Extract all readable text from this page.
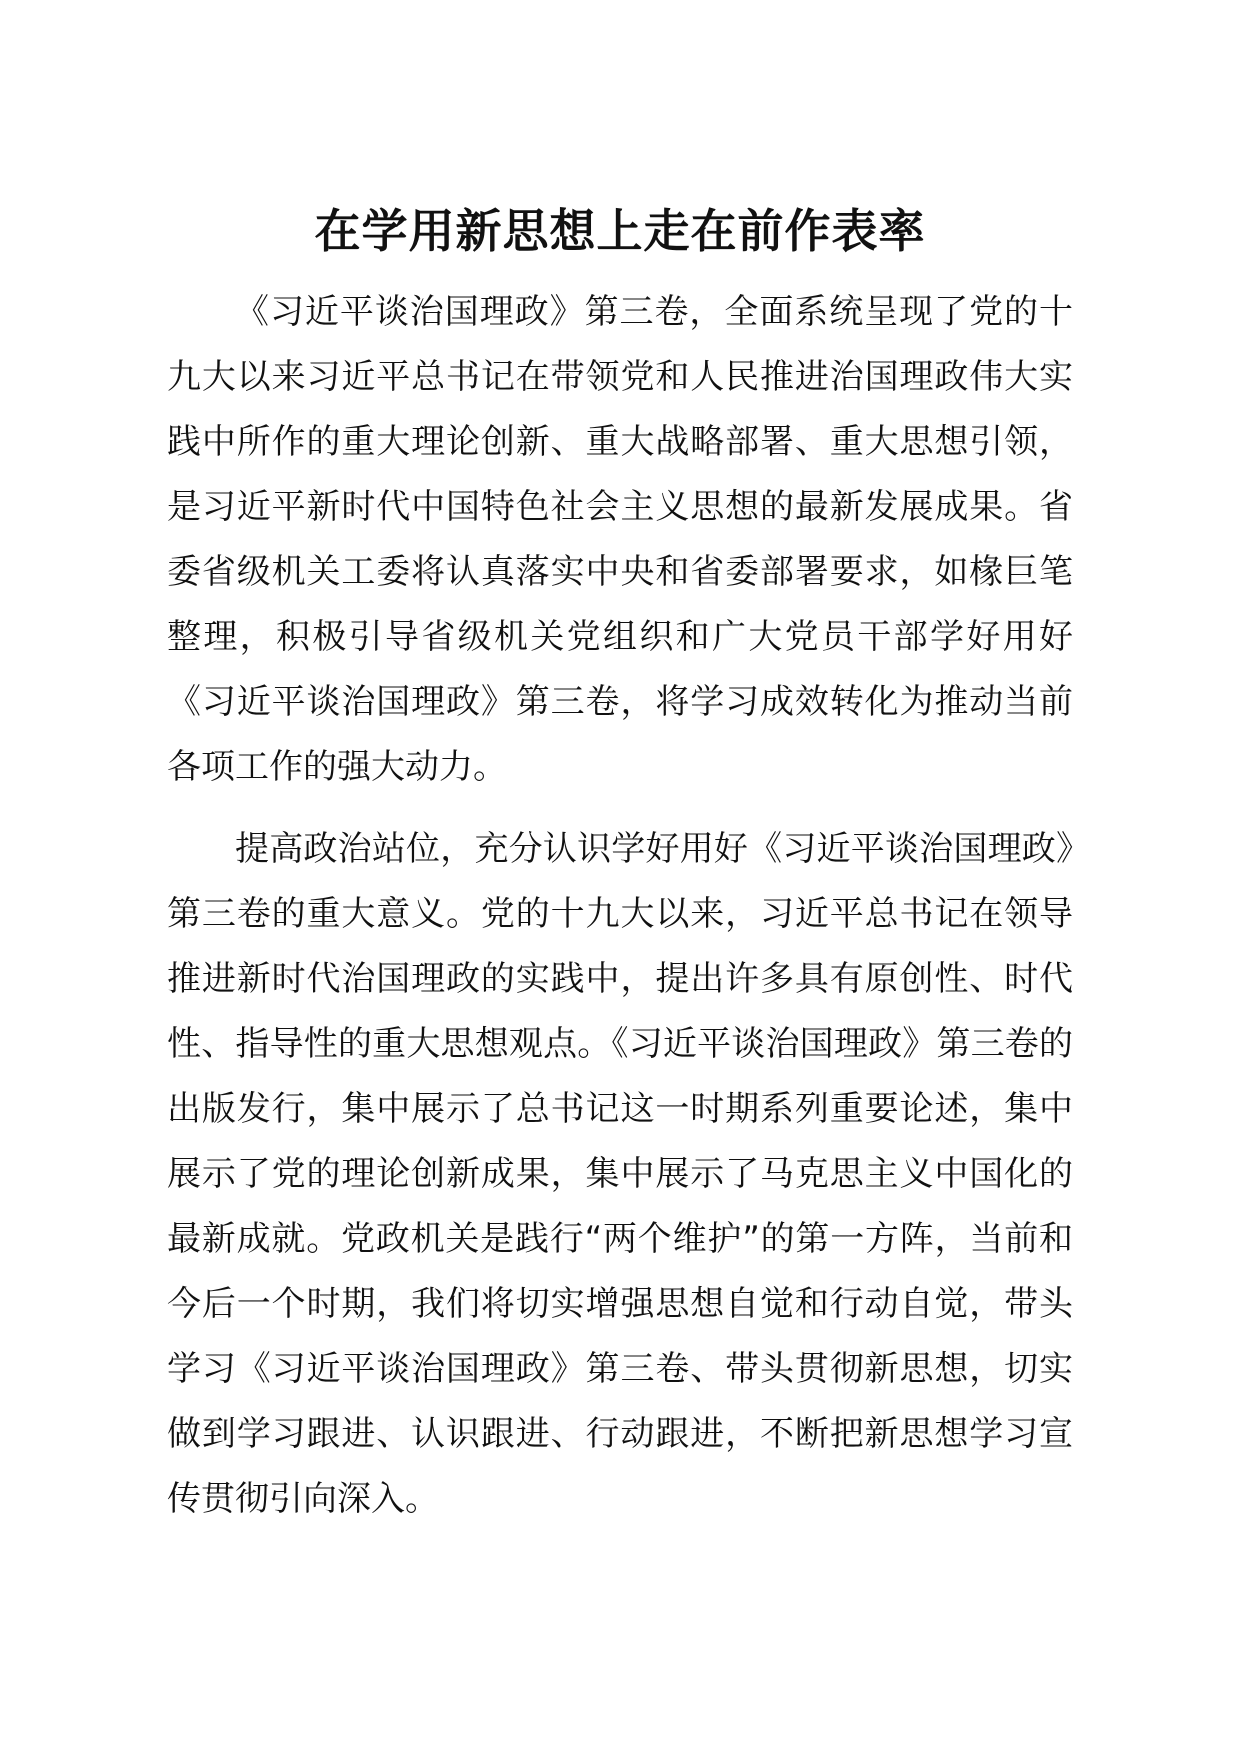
在学用新思想上走在前作表率

《习近平谈治国理政》第三卷，全面系统呈现了党的十九大以来习近平总书记在带领党和人民推进治国理政伟大实践中所作的重大理论创新、重大战略部署、重大思想引领，是习近平新时代中国特色社会主义思想的最新发展成果。省委省级机关工委将认真落实中央和省委部署要求，如椽巨笔整理，积极引导省级机关党组织和广大党员干部学好用好《习近平谈治国理政》第三卷，将学习成效转化为推动当前各项工作的强大动力。

提高政治站位，充分认识学好用好《习近平谈治国理政》第三卷的重大意义。党的十九大以来，习近平总书记在领导推进新时代治国理政的实践中，提出许多具有原创性、时代性、指导性的重大思想观点。《习近平谈治国理政》第三卷的出版发行，集中展示了总书记这一时期系列重要论述，集中展示了党的理论创新成果，集中展示了马克思主义中国化的最新成就。党政机关是践行“两个维护”的第一方阵，当前和今后一个时期，我们将切实增强思想自觉和行动自觉，带头学习《习近平谈治国理政》第三卷、带头贯彻新思想，切实做到学习跟进、认识跟进、行动跟进，不断把新思想学习宣传贯彻引向深入。
